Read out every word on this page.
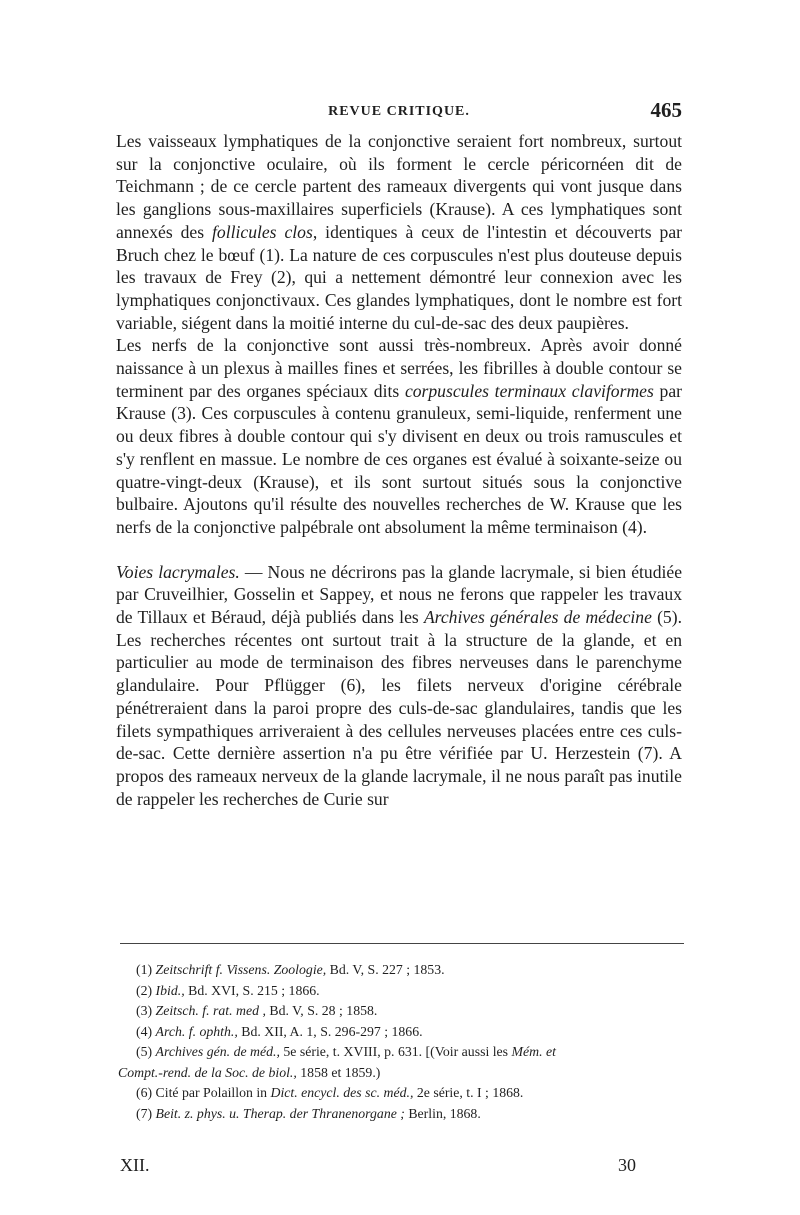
REVUE CRITIQUE.	465

Les vaisseaux lymphatiques de la conjonctive seraient fort nombreux, surtout sur la conjonctive oculaire, où ils forment le cercle péricornéen dit de Teichmann ; de ce cercle partent des rameaux divergents qui vont jusque dans les ganglions sous-maxillaires superficiels (Krause). A ces lymphatiques sont annexés des follicules clos, identiques à ceux de l'intestin et découverts par Bruch chez le bœuf (1). La nature de ces corpuscules n'est plus douteuse depuis les travaux de Frey (2), qui a nettement démontré leur connexion avec les lymphatiques conjonctivaux. Ces glandes lymphatiques, dont le nombre est fort variable, siégent dans la moitié interne du cul-de-sac des deux paupières.

Les nerfs de la conjonctive sont aussi très-nombreux. Après avoir donné naissance à un plexus à mailles fines et serrées, les fibrilles à double contour se terminent par des organes spéciaux dits corpuscules terminaux claviformes par Krause (3). Ces corpuscules à contenu granuleux, semi-liquide, renferment une ou deux fibres à double contour qui s'y divisent en deux ou trois ramuscules et s'y renflent en massue. Le nombre de ces organes est évalué à soixante-seize ou quatre-vingt-deux (Krause), et ils sont surtout situés sous la conjonctive bulbaire. Ajoutons qu'il résulte des nouvelles recherches de W. Krause que les nerfs de la conjonctive palpébrale ont absolument la même terminaison (4).

Voies lacrymales. — Nous ne décrirons pas la glande lacrymale, si bien étudiée par Cruveilhier, Gosselin et Sappey, et nous ne ferons que rappeler les travaux de Tillaux et Béraud, déjà publiés dans les Archives générales de médecine (5). Les recherches récentes ont surtout trait à la structure de la glande, et en particulier au mode de terminaison des fibres nerveuses dans le parenchyme glandulaire. Pour Pflügger (6), les filets nerveux d'origine cérébrale pénétreraient dans la paroi propre des culs-de-sac glandulaires, tandis que les filets sympathiques arriveraient à des cellules nerveuses placées entre ces culs-de-sac. Cette dernière assertion n'a pu être vérifiée par U. Herzestein (7). A propos des rameaux nerveux de la glande lacrymale, il ne nous paraît pas inutile de rappeler les recherches de Curie sur

(1) Zeitschrift f. Vissens. Zoologie, Bd. V, S. 227 ; 1853.

(2) Ibid., Bd. XVI, S. 215 ; 1866.

(3) Zeitsch. f. rat. med , Bd. V, S. 28 ; 1858.

(4) Arch. f. ophth., Bd. XII, A. 1, S. 296-297 ; 1866.

(5) Archives gén. de méd., 5e série, t. XVIII, p. 631. [(Voir aussi les Mém. et

Compt.-rend. de la Soc. de biol., 1858 et 1859.)

(6) Cité par Polaillon in Dict. encycl. des sc. méd., 2e série, t. I ; 1868.

(7) Beit. z. phys. u. Therap. der Thranenorgane ; Berlin, 1868.

XII.	30
